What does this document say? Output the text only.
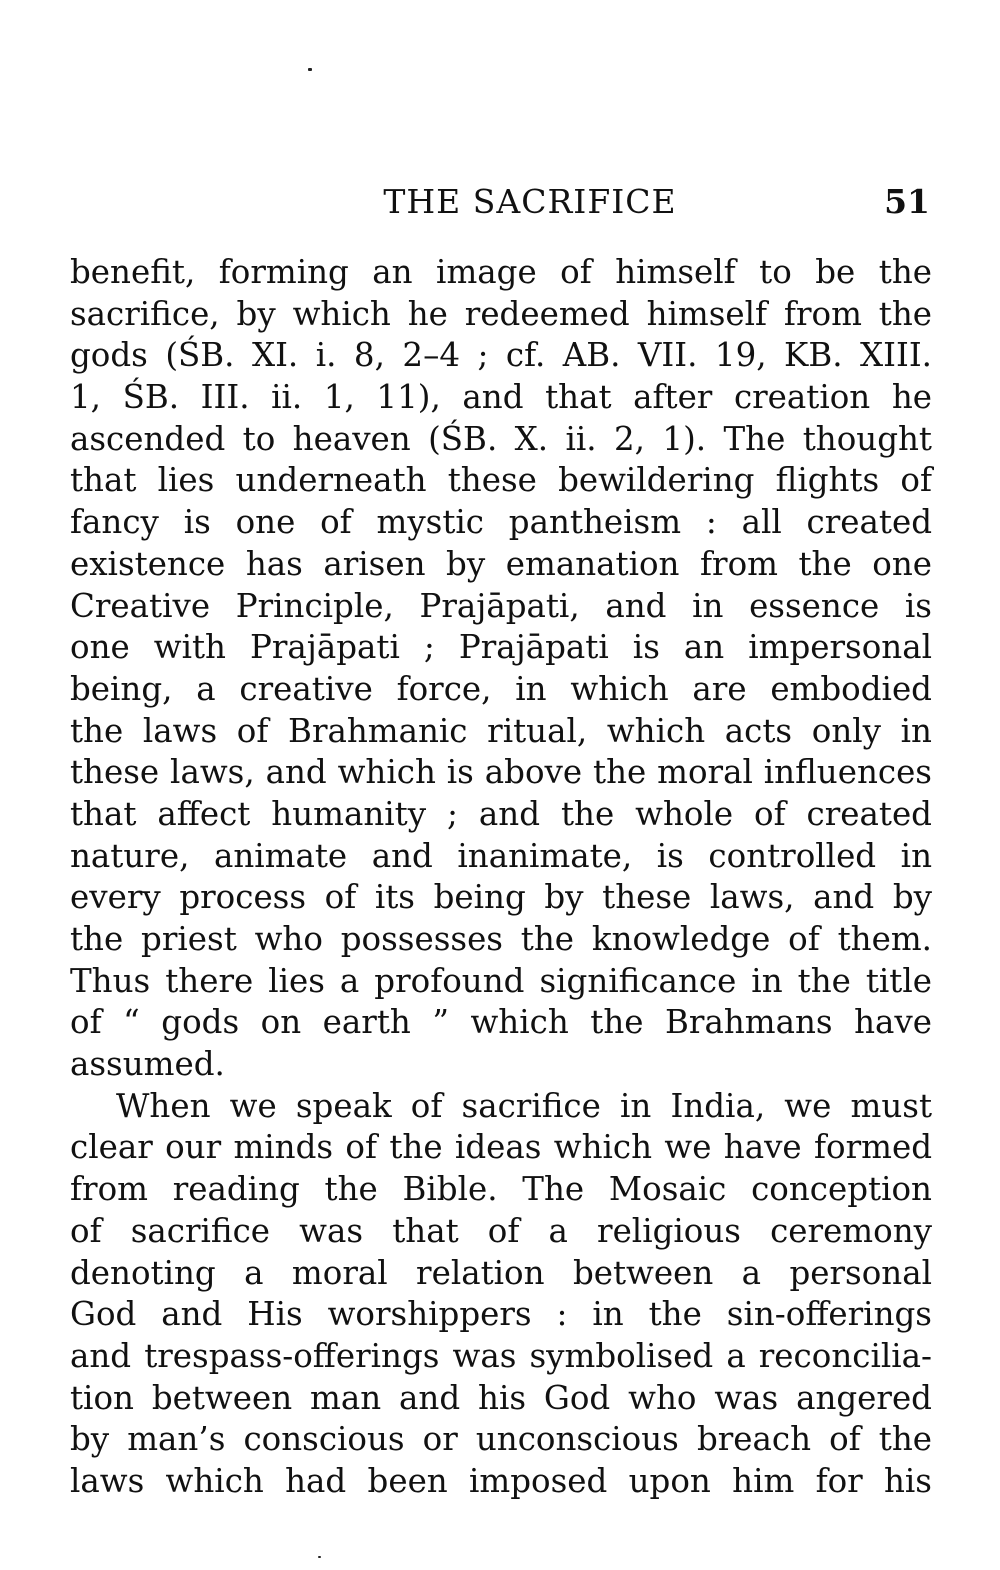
THE SACRIFICE	51
benefit, forming an image of himself to be the
sacrifice, by which he redeemed himself from the
gods (ŚB. XI. i. 8, 2–4 ; cf. AB. VII. 19, KB. XIII.
1, ŚB. III. ii. 1, 11), and that after creation he
ascended to heaven (ŚB. X. ii. 2, 1). The thought
that lies underneath these bewildering flights of
fancy is one of mystic pantheism : all created
existence has arisen by emanation from the one
Creative Principle, Prajāpati, and in essence is
one with Prajāpati ; Prajāpati is an impersonal
being, a creative force, in which are embodied
the laws of Brahmanic ritual, which acts only in
these laws, and which is above the moral influences
that affect humanity ; and the whole of created
nature, animate and inanimate, is controlled in
every process of its being by these laws, and by
the priest who possesses the knowledge of them.
Thus there lies a profound significance in the title
of “ gods on earth ” which the Brahmans have
assumed.
When we speak of sacrifice in India, we must
clear our minds of the ideas which we have formed
from reading the Bible. The Mosaic conception
of sacrifice was that of a religious ceremony
denoting a moral relation between a personal
God and His worshippers : in the sin-offerings
and trespass-offerings was symbolised a reconcilia-
tion between man and his God who was angered
by man’s conscious or unconscious breach of the
laws which had been imposed upon him for his
